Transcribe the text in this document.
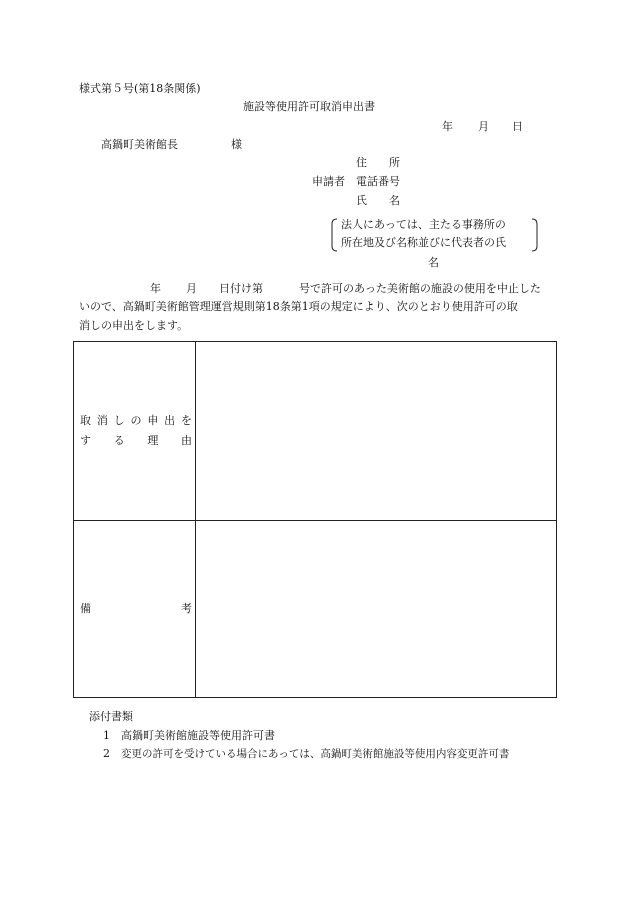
様式第５号(第18条関係)
施設等使用許可取消申出書
年 月 日
高鍋町美術館長	様
住　　所
申請者 電話番号
氏　　名
法人にあっては、主たる事務所の
所在地及び名称並びに代表者の氏
名
年 月 日付け第	号で許可のあった美術館の施設の使用を中止した
いので、高鍋町美術館管理運営規則第18条第1項の規定により、次のとおり使用許可の取
消しの申出をします。
取 消 し の 申 出 を
す る 理 由
備	考
添付書類
1 高鍋町美術館施設等使用許可書
2 変更の許可を受けている場合にあっては、高鍋町美術館施設等使用内容変更許可書
